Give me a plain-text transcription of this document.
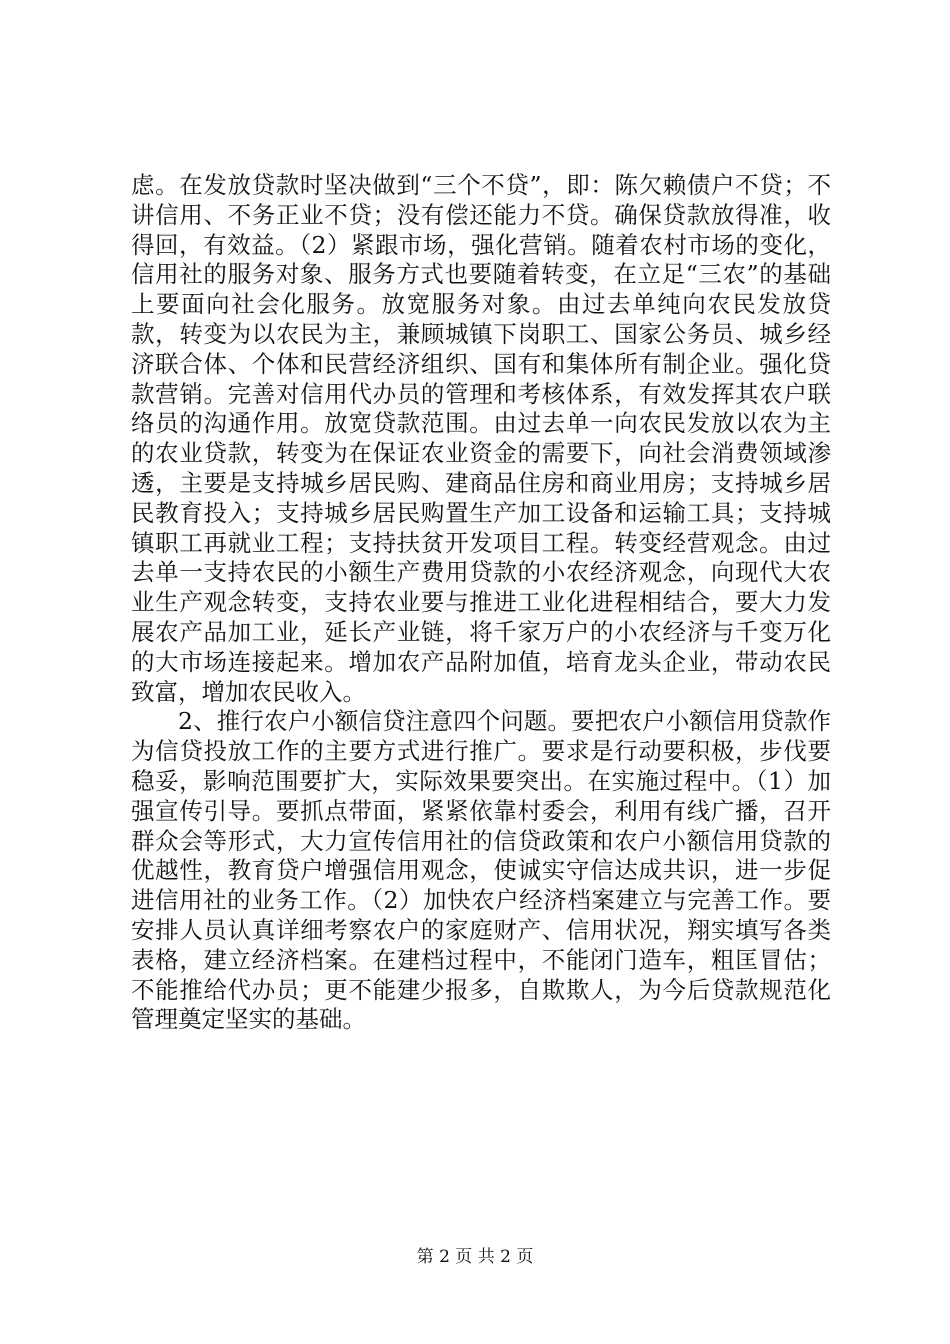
虑。在发放贷款时坚决做到“三个不贷”，即：陈欠赖债户不贷；不讲信用、不务正业不贷；没有偿还能力不贷。确保贷款放得准，收得回，有效益。（2）紧跟市场，强化营销。随着农村市场的变化，信用社的服务对象、服务方式也要随着转变，在立足“三农”的基础上要面向社会化服务。放宽服务对象。由过去单纯向农民发放贷款，转变为以农民为主，兼顾城镇下岗职工、国家公务员、城乡经济联合体、个体和民营经济组织、国有和集体所有制企业。强化贷款营销。完善对信用代办员的管理和考核体系，有效发挥其农户联络员的沟通作用。放宽贷款范围。由过去单一向农民发放以农为主的农业贷款，转变为在保证农业资金的需要下，向社会消费领域渗透，主要是支持城乡居民购、建商品住房和商业用房；支持城乡居民教育投入；支持城乡居民购置生产加工设备和运输工具；支持城镇职工再就业工程；支持扶贫开发项目工程。转变经营观念。由过去单一支持农民的小额生产费用贷款的小农经济观念，向现代大农业生产观念转变，支持农业要与推进工业化进程相结合，要大力发展农产品加工业，延长产业链，将千家万户的小农经济与千变万化的大市场连接起来。增加农产品附加值，培育龙头企业，带动农民致富，增加农民收入。

2、推行农户小额信贷注意四个问题。要把农户小额信用贷款作为信贷投放工作的主要方式进行推广。要求是行动要积极，步伐要稳妥，影响范围要扩大，实际效果要突出。在实施过程中。（1）加强宣传引导。要抓点带面，紧紧依靠村委会，利用有线广播，召开群众会等形式，大力宣传信用社的信贷政策和农户小额信用贷款的优越性，教育贷户增强信用观念，使诚实守信达成共识，进一步促进信用社的业务工作。（2）加快农户经济档案建立与完善工作。要安排人员认真详细考察农户的家庭财产、信用状况，翔实填写各类表格，建立经济档案。在建档过程中，不能闭门造车，粗匡冒估；不能推给代办员；更不能建少报多，自欺欺人，为今后贷款规范化管理奠定坚实的基础。

第 2 页 共 2 页
